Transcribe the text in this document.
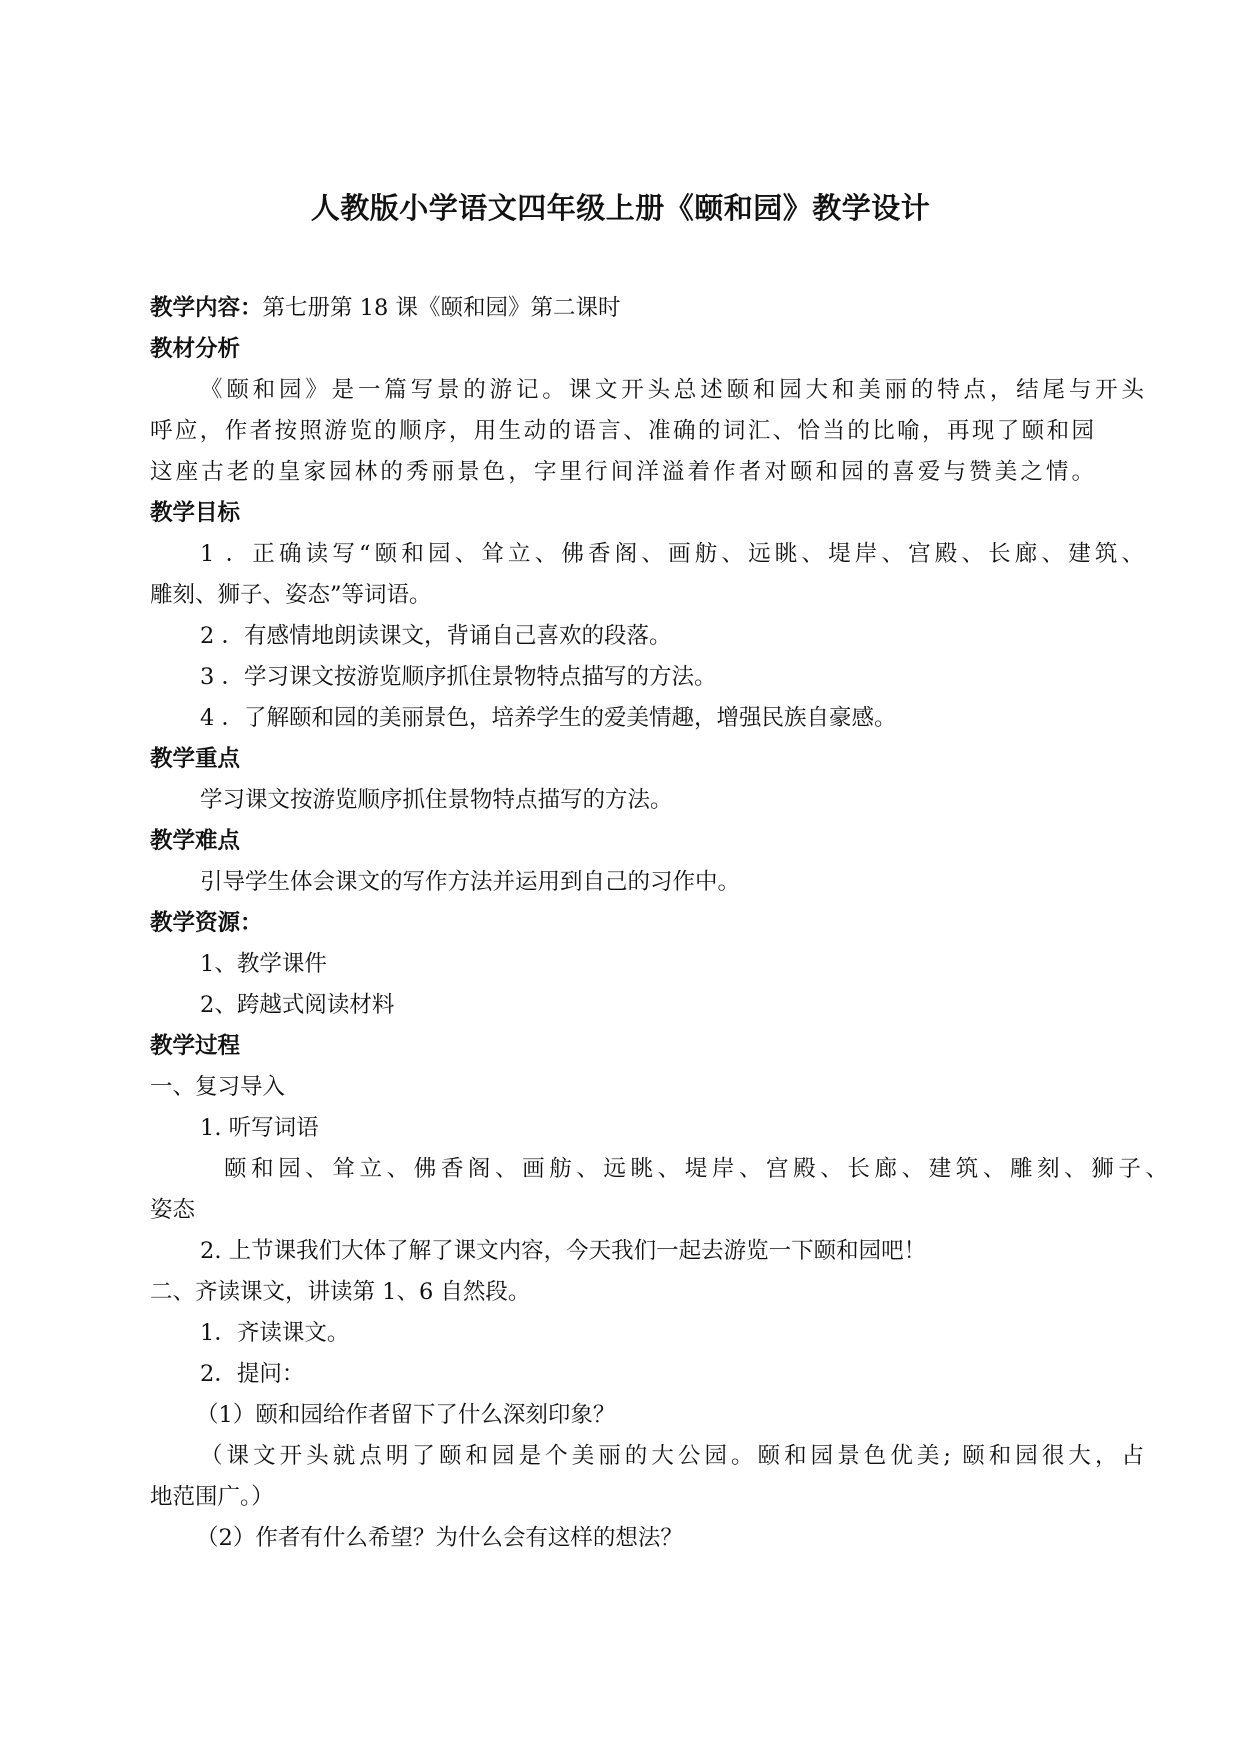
人教版小学语文四年级上册《颐和园》教学设计

教学内容：第七册第 18 课《颐和园》第二课时

教材分析

《颐和园》是一篇写景的游记。课文开头总述颐和园大和美丽的特点，结尾与开头

呼应，作者按照游览的顺序，用生动的语言、准确的词汇、恰当的比喻，再现了颐和园

这座古老的皇家园林的秀丽景色，字里行间洋溢着作者对颐和园的喜爱与赞美之情。

教学目标

1 ．正确读写“颐和园、耸立、佛香阁、画舫、远眺、堤岸、宫殿、长廊、建筑、

雕刻、狮子、姿态”等词语。

2 ．有感情地朗读课文，背诵自己喜欢的段落。

3 ．学习课文按游览顺序抓住景物特点描写的方法。

4 ．了解颐和园的美丽景色，培养学生的爱美情趣，增强民族自豪感。

教学重点

学习课文按游览顺序抓住景物特点描写的方法。

教学难点

引导学生体会课文的写作方法并运用到自己的习作中。

教学资源：

1、教学课件

2、跨越式阅读材料

教学过程

一、复习导入

1. 听写词语

颐和园、耸立、佛香阁、画舫、远眺、堤岸、宫殿、长廊、建筑、雕刻、狮子、

姿态

2. 上节课我们大体了解了课文内容，今天我们一起去游览一下颐和园吧！

二、齐读课文，讲读第 1、6 自然段。

1．齐读课文。

2．提问：

（1）颐和园给作者留下了什么深刻印象？

（课文开头就点明了颐和园是个美丽的大公园。颐和园景色优美; 颐和园很大，占

地范围广。）

（2）作者有什么希望？为什么会有这样的想法？
